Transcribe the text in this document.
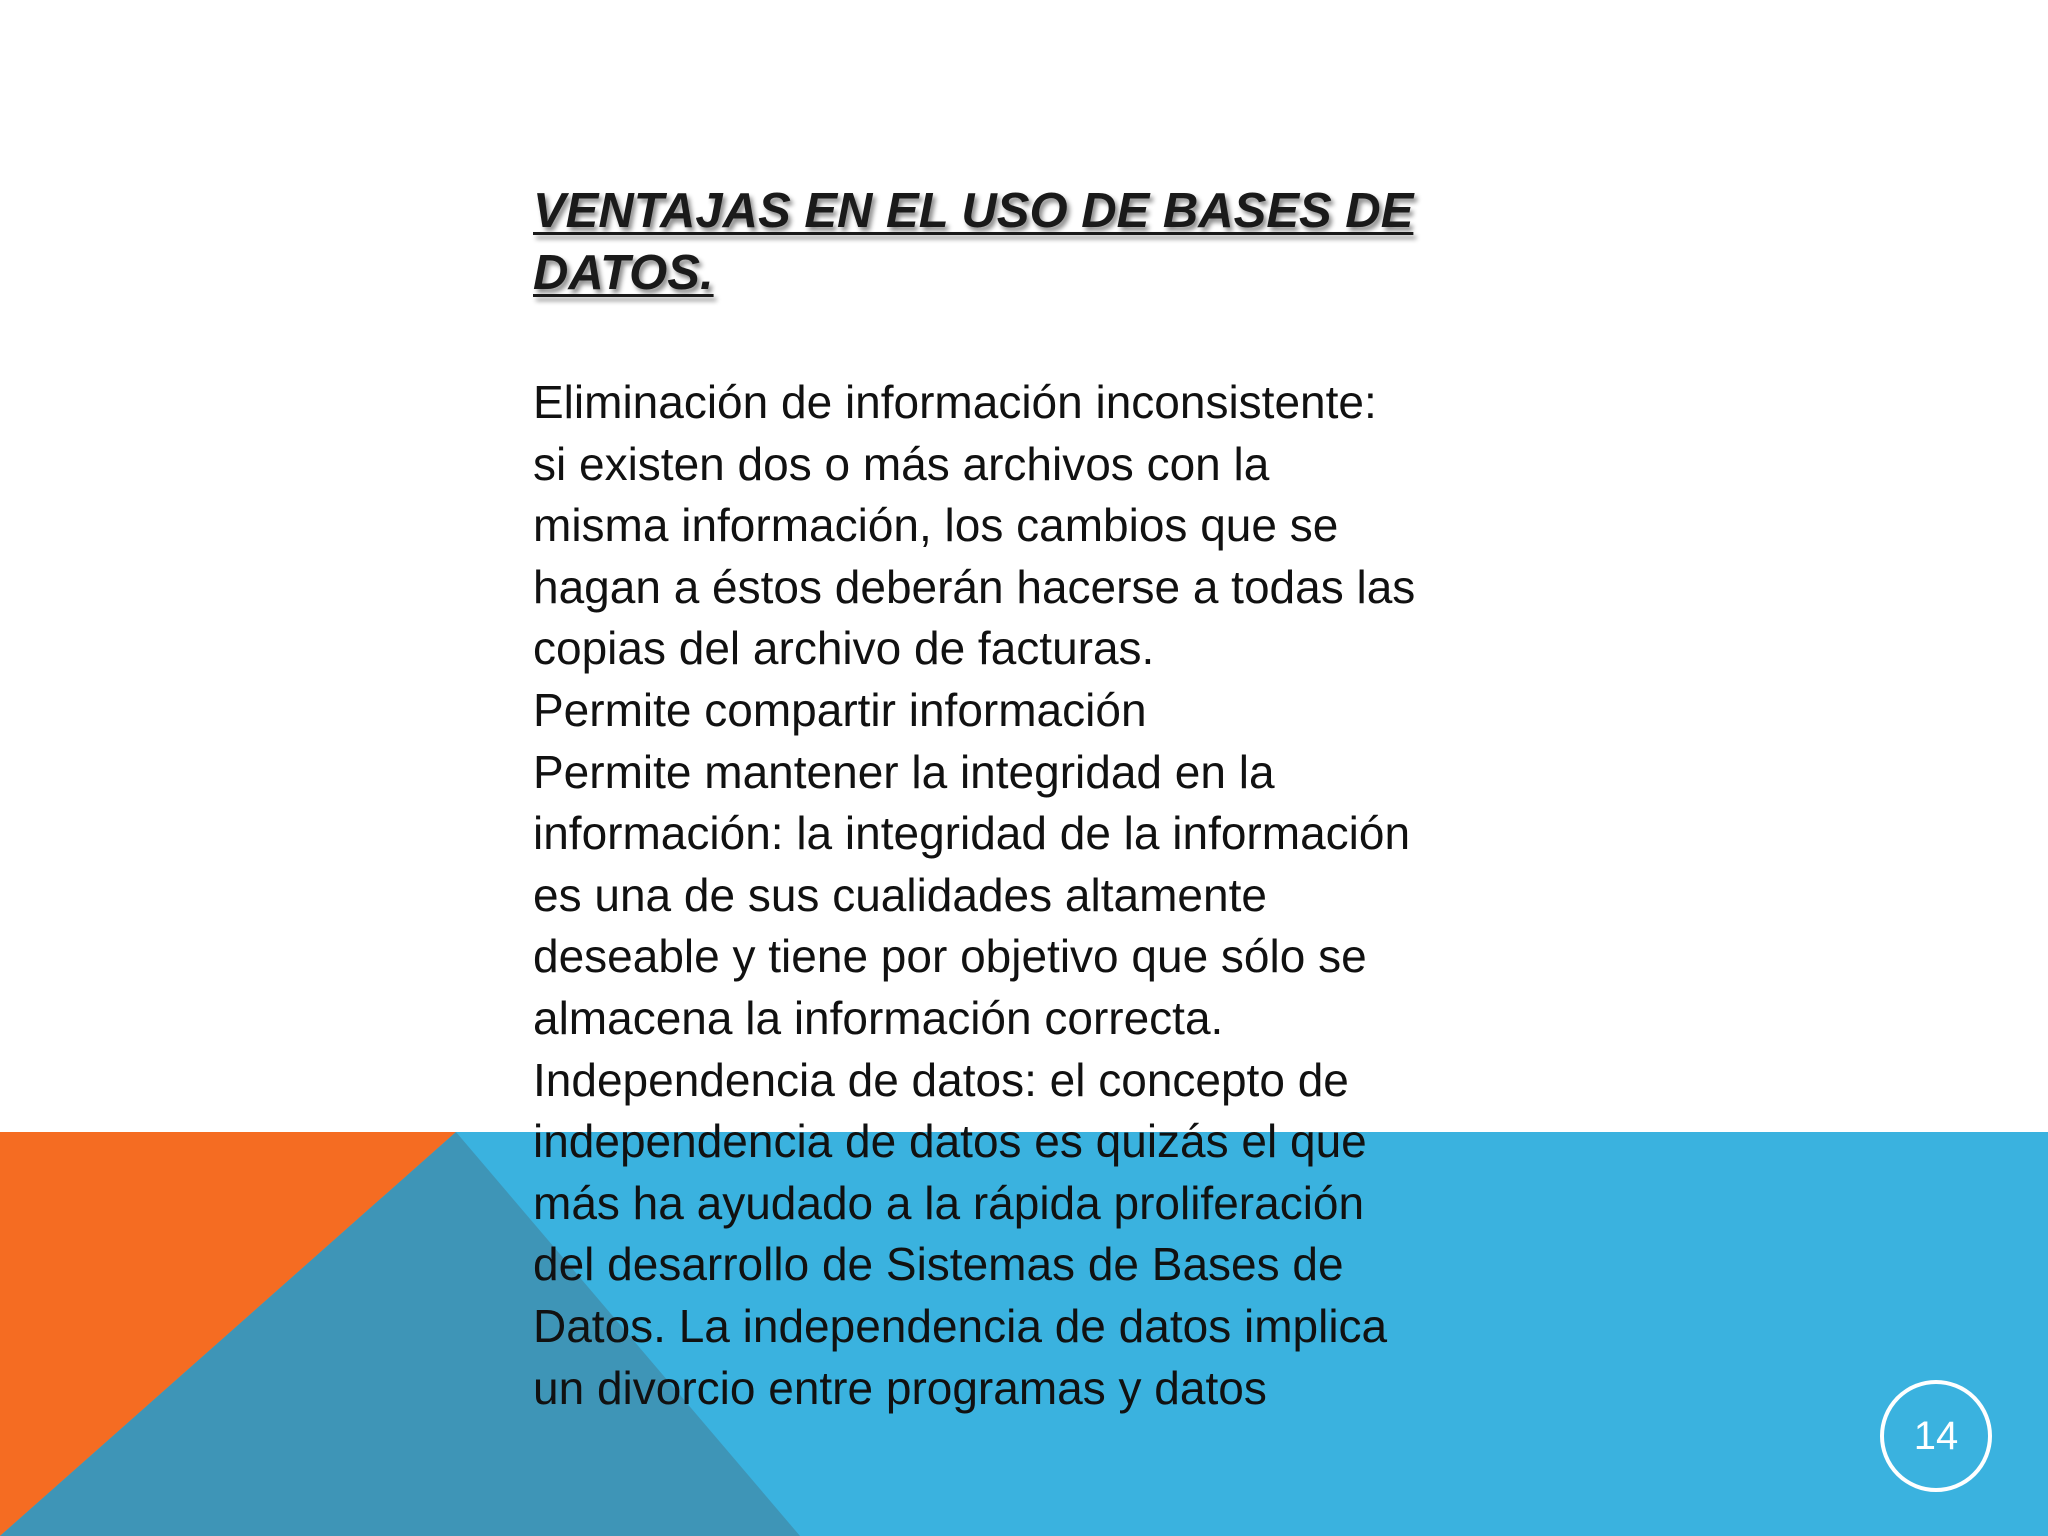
VENTAJAS EN EL USO DE BASES DE DATOS.
Eliminación de información inconsistente:
si existen dos o más archivos con la
misma información, los cambios que se
hagan a éstos deberán hacerse a todas las
copias del archivo de facturas.
Permite compartir información
Permite mantener la integridad en la
información: la integridad de la información
es una de sus cualidades altamente
deseable y tiene por objetivo que sólo se
almacena la información correcta.
Independencia de datos: el concepto de
independencia de datos es quizás el que
más ha ayudado a la rápida proliferación
del desarrollo de Sistemas de Bases de
Datos. La independencia de datos implica
un divorcio entre programas y datos
14
